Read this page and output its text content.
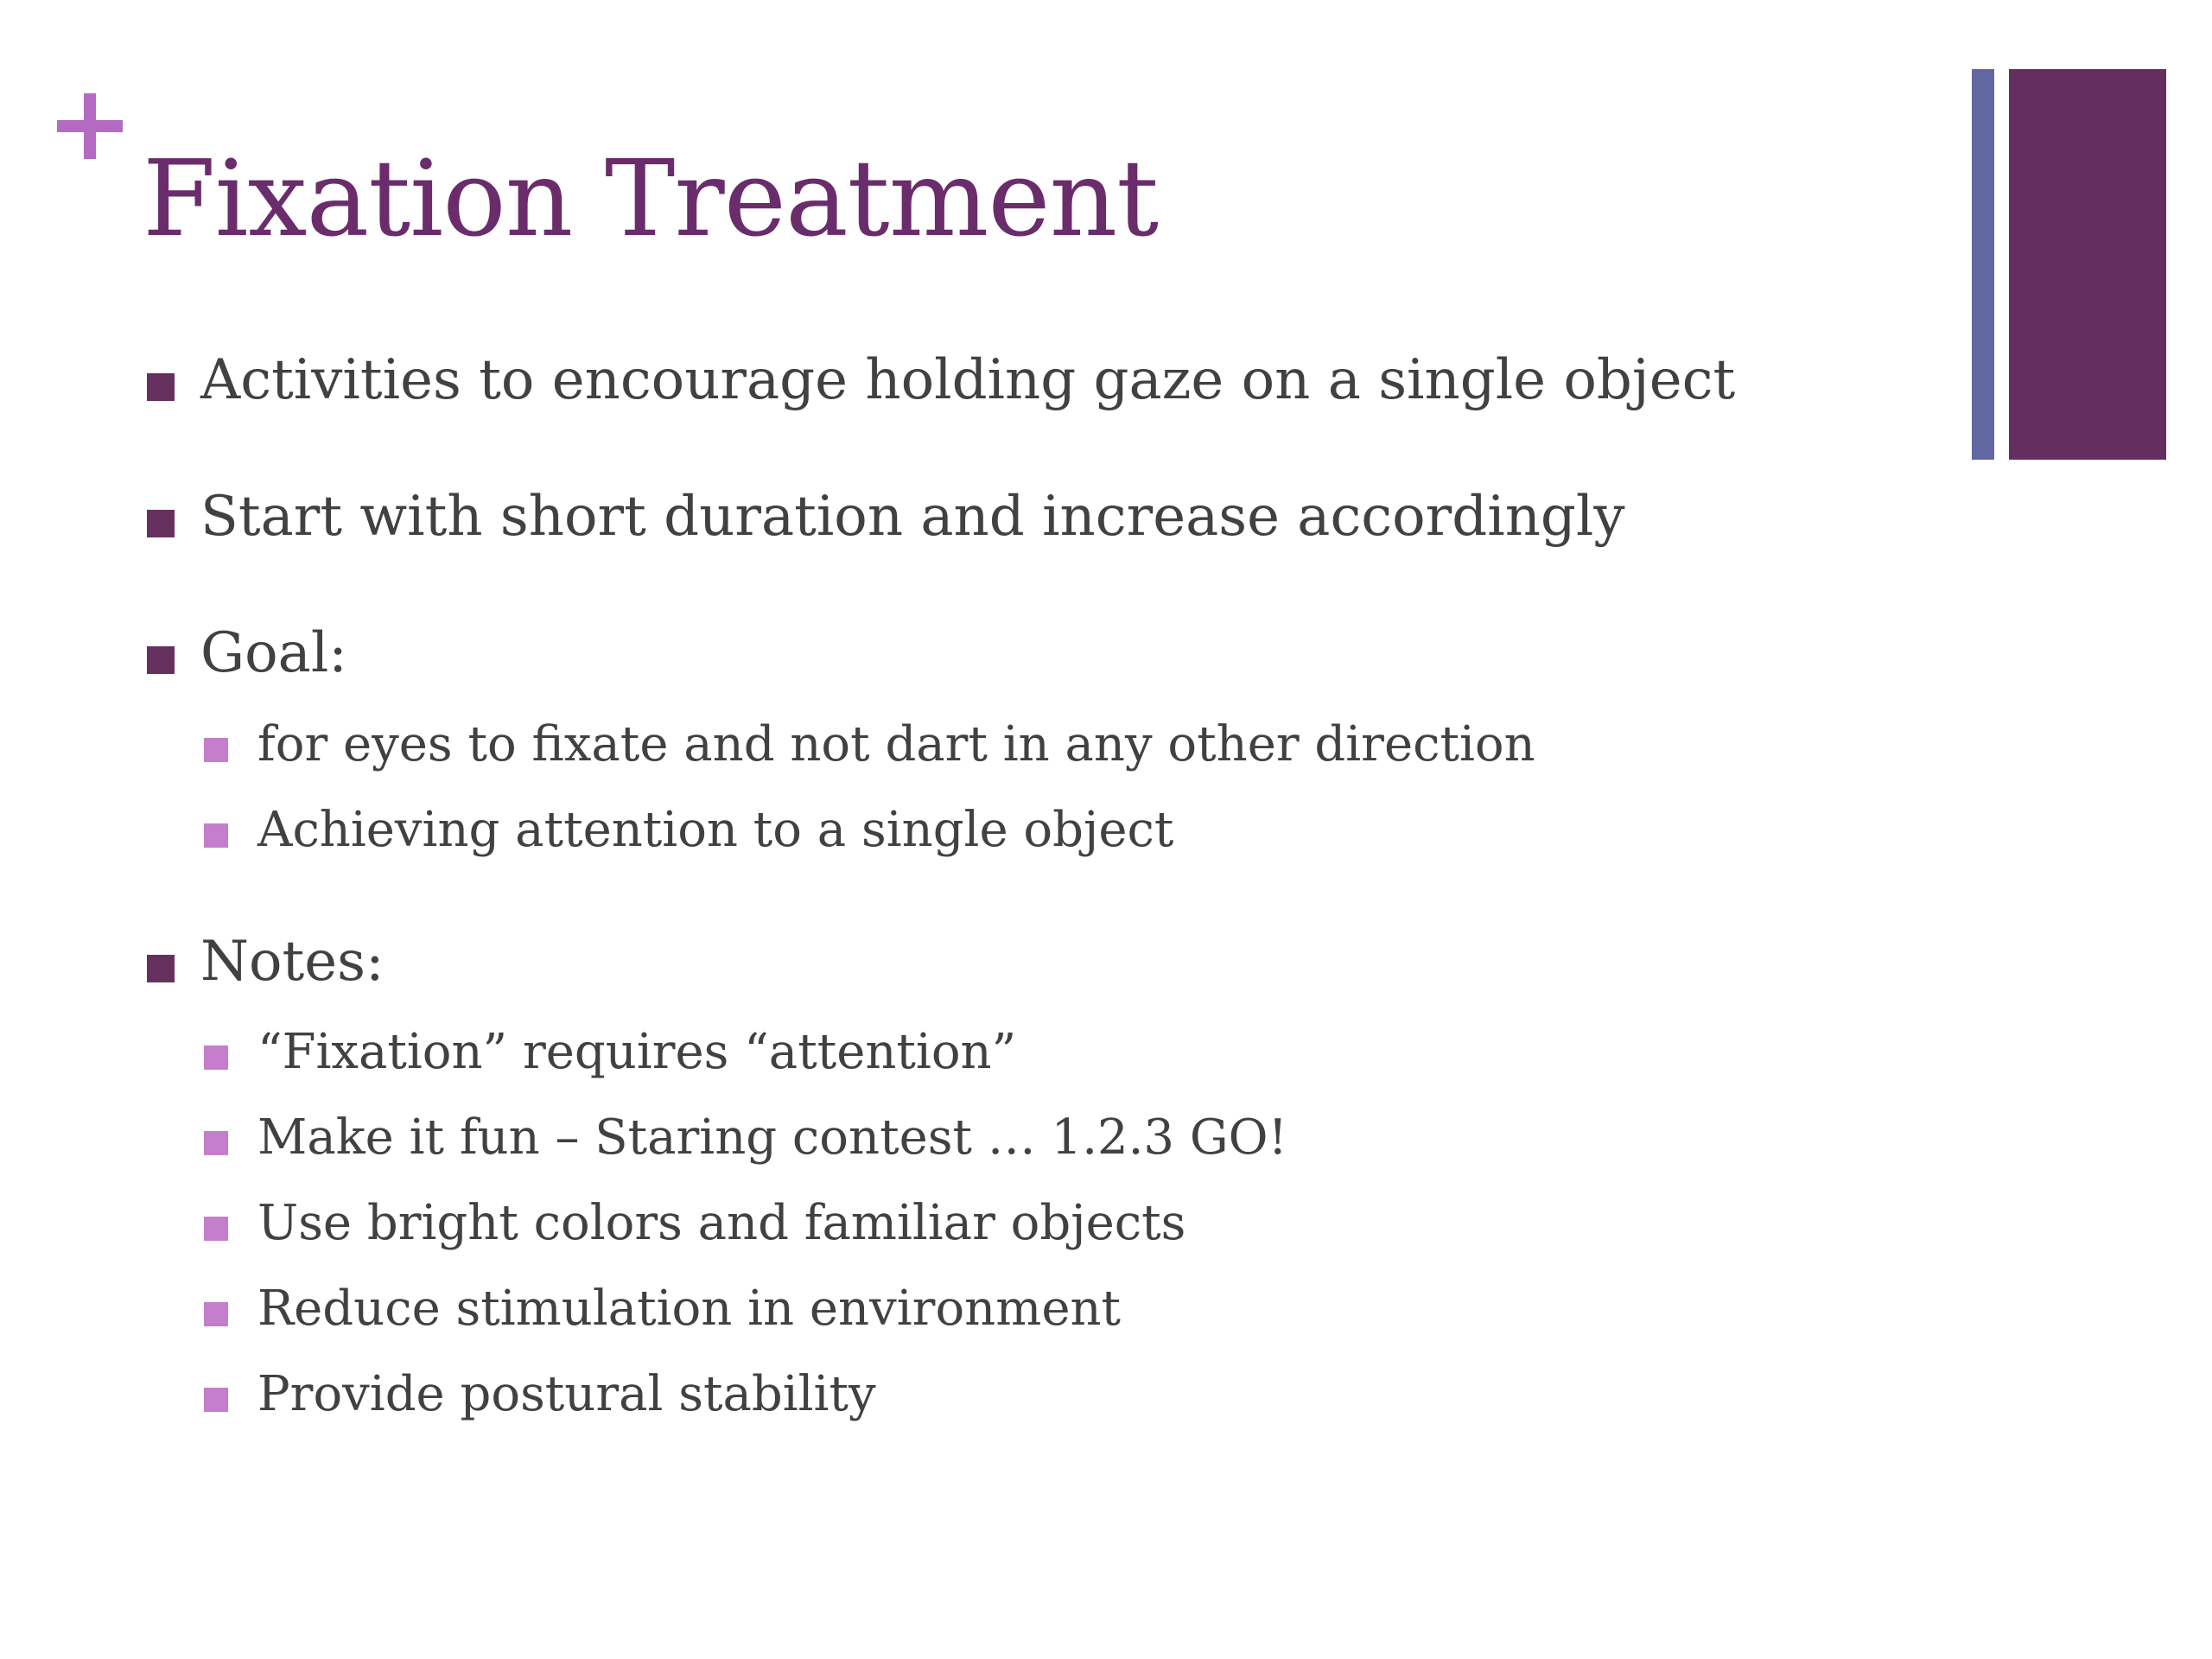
Fixation Treatment
Activities to encourage holding gaze on a single object
Start with short duration and increase accordingly
Goal:
for eyes to fixate and not dart in any other direction
Achieving attention to a single object
Notes:
“Fixation” requires “attention”
Make it fun – Staring contest … 1.2.3 GO!
Use bright colors and familiar objects
Reduce stimulation in environment
Provide postural stability
